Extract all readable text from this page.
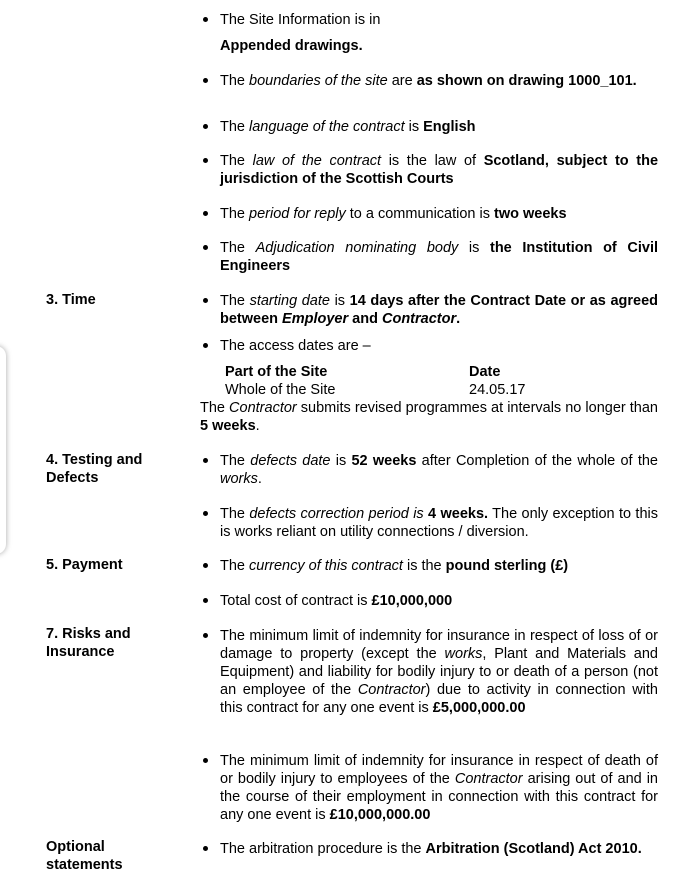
3. Time
4. Testing and Defects
5. Payment
7. Risks and Insurance
Optional statements
The Site Information is in
Appended drawings.
The boundaries of the site are as shown on drawing 1000_101.
The language of the contract is English
The law of the contract is the law of Scotland, subject to the jurisdiction of the Scottish Courts
The period for reply to a communication is two weeks
The Adjudication nominating body is the Institution of Civil Engineers
The starting date is 14 days after the Contract Date or as agreed between Employer and Contractor.
The access dates are –
Part of the Site	Date
Whole of the Site	24.05.17
The Contractor submits revised programmes at intervals no longer than 5 weeks.
The defects date is 52 weeks after Completion of the whole of the works.
The defects correction period is 4 weeks. The only exception to this is works reliant on utility connections / diversion.
The currency of this contract is the pound sterling (£)
Total cost of contract is £10,000,000
The minimum limit of indemnity for insurance in respect of loss of or damage to property (except the works, Plant and Materials and Equipment) and liability for bodily injury to or death of a person (not an employee of the Contractor) due to activity in connection with this contract for any one event is £5,000,000.00
The minimum limit of indemnity for insurance in respect of death of or bodily injury to employees of the Contractor arising out of and in the course of their employment in connection with this contract for any one event is £10,000,000.00
The arbitration procedure is the Arbitration (Scotland) Act 2010.
